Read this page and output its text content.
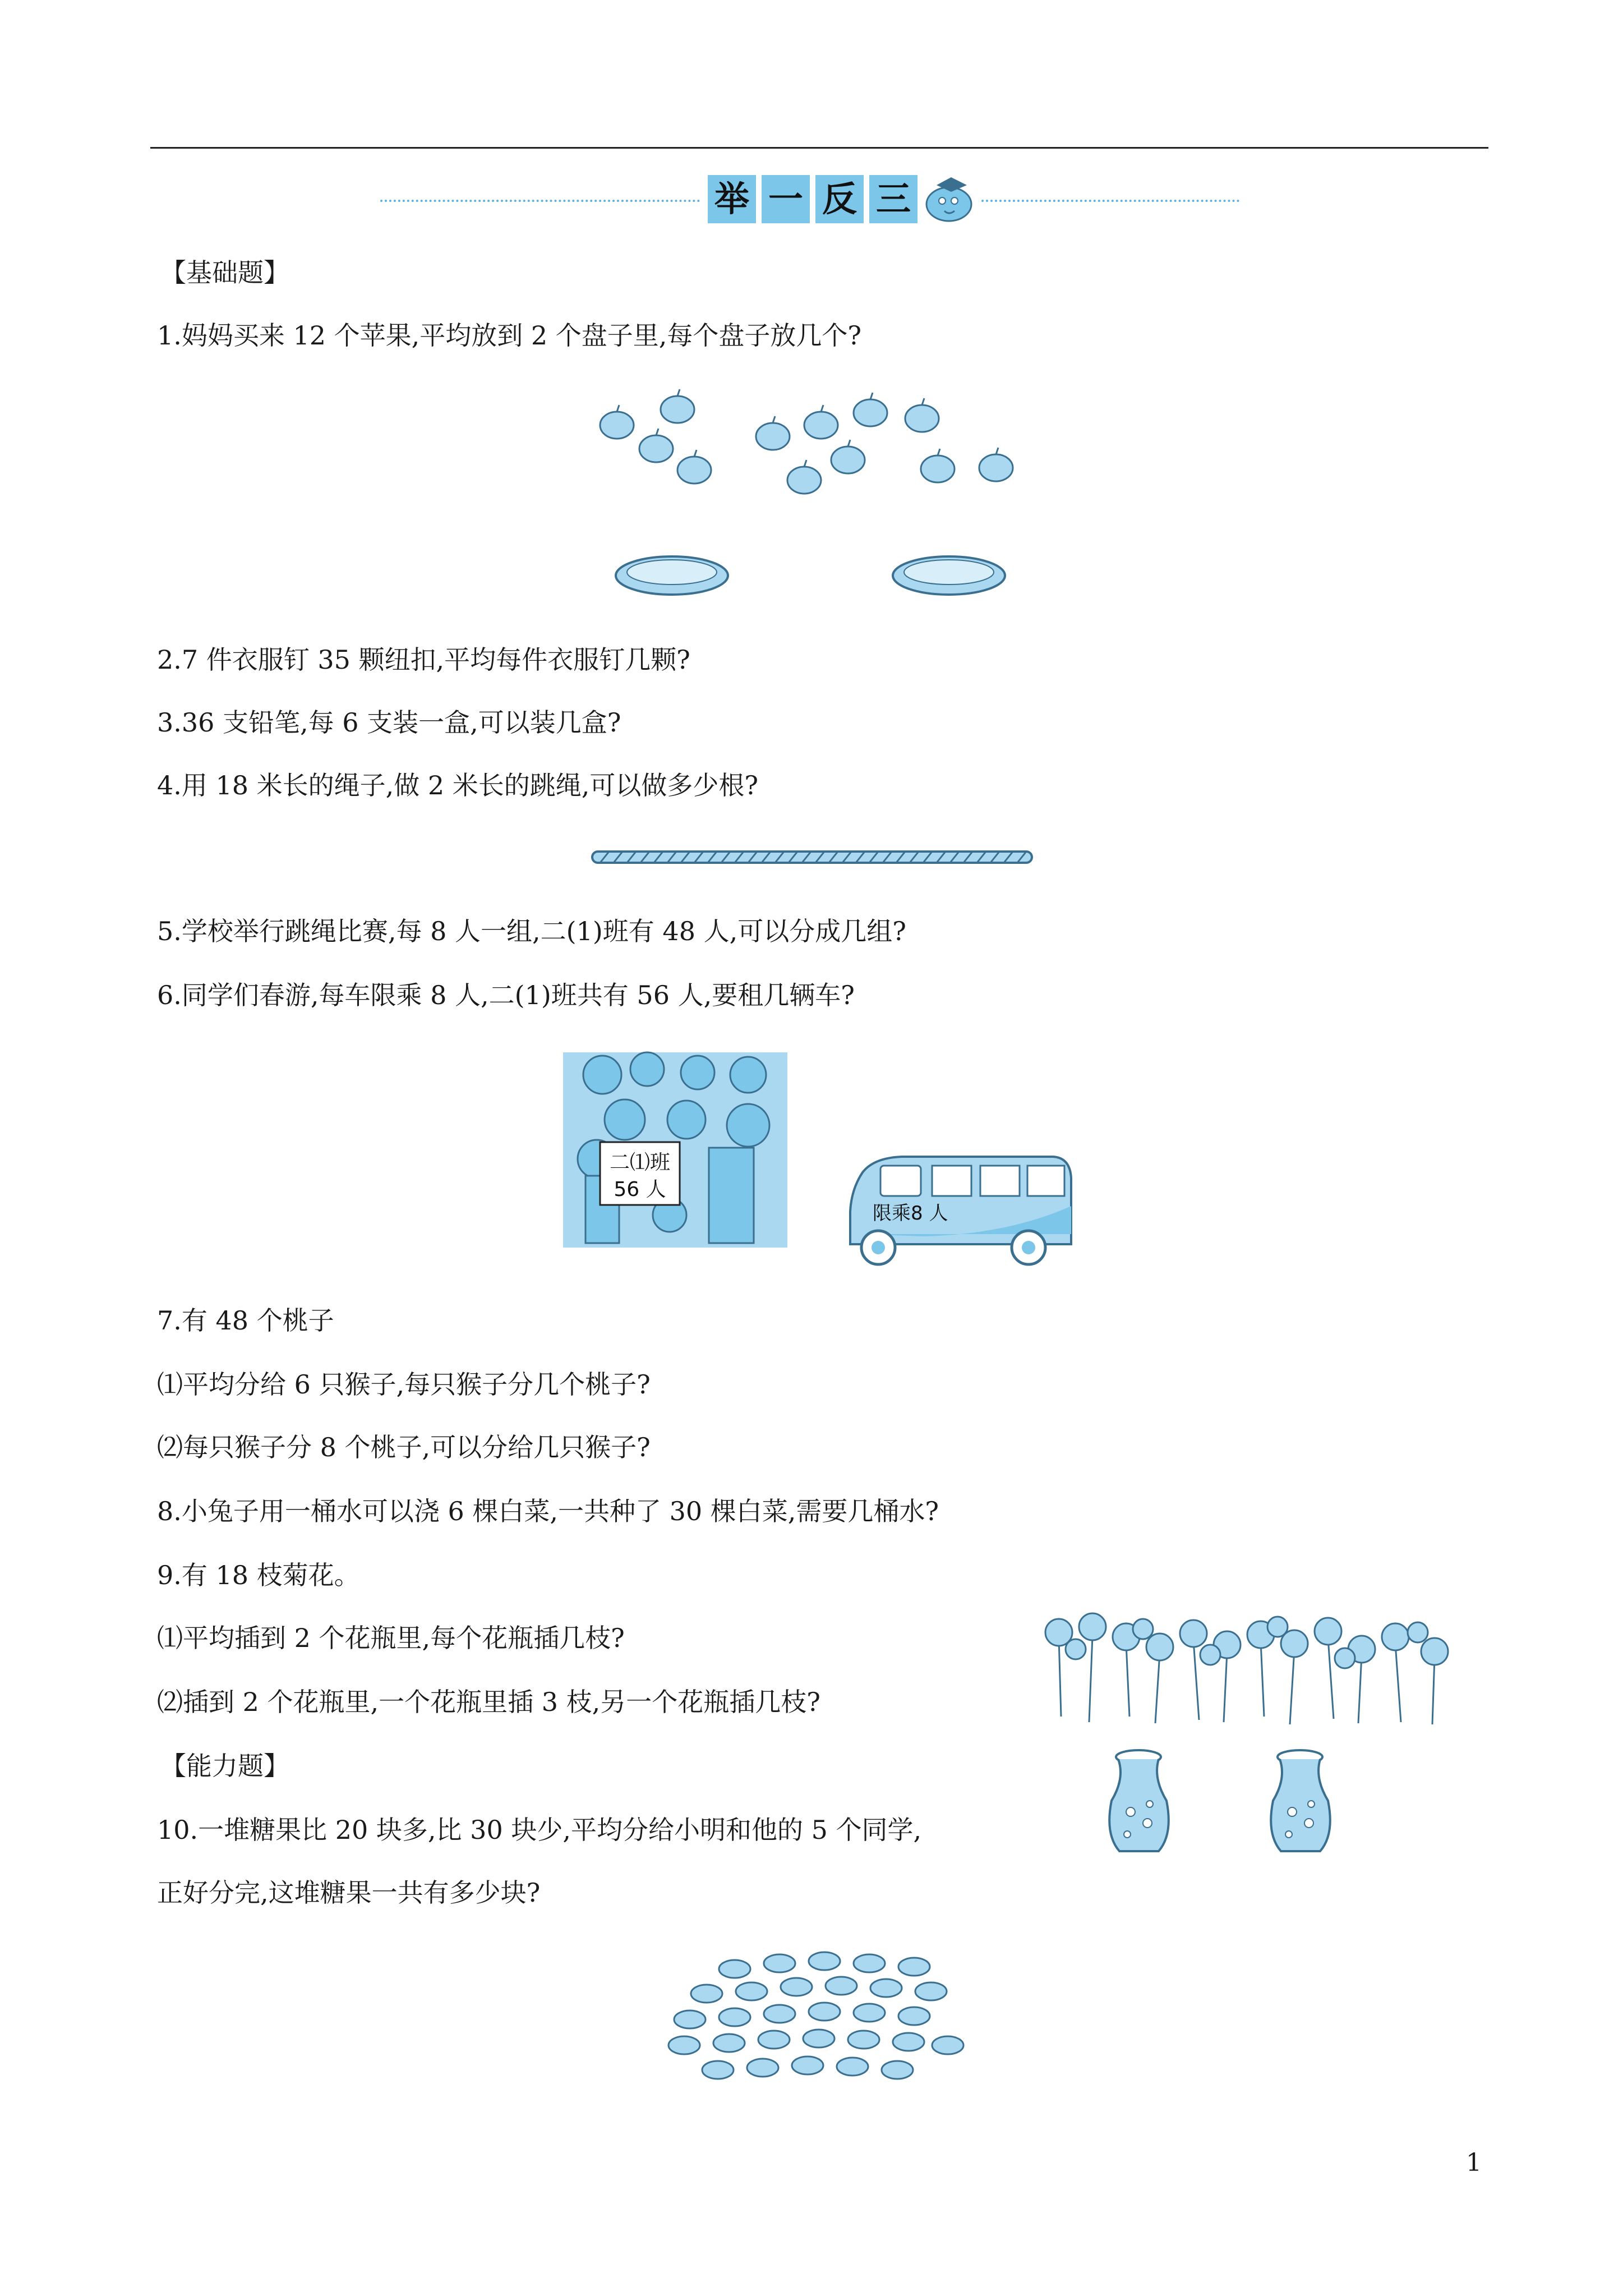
举 一 反 三
【基础题】
1.妈妈买来 12 个苹果,平均放到 2 个盘子里,每个盘子放几个?
2.7 件衣服钉 35 颗纽扣,平均每件衣服钉几颗?
3.36 支铅笔,每 6 支装一盒,可以装几盒?
4.用 18 米长的绳子,做 2 米长的跳绳,可以做多少根?
5.学校举行跳绳比赛,每 8 人一组,二(1)班有 48 人,可以分成几组?
6.同学们春游,每车限乘 8 人,二(1)班共有 56 人,要租几辆车?
二⑴班
56 人
限乘8 人
7.有 48 个桃子
⑴平均分给 6 只猴子,每只猴子分几个桃子?
⑵每只猴子分 8 个桃子,可以分给几只猴子?
8.小兔子用一桶水可以浇 6 棵白菜,一共种了 30 棵白菜,需要几桶水?
9.有 18 枝菊花。
⑴平均插到 2 个花瓶里,每个花瓶插几枝?
⑵插到 2 个花瓶里,一个花瓶里插 3 枝,另一个花瓶插几枝?
【能力题】
10.一堆糖果比 20 块多,比 30 块少,平均分给小明和他的 5 个同学,
正好分完,这堆糖果一共有多少块?
1
